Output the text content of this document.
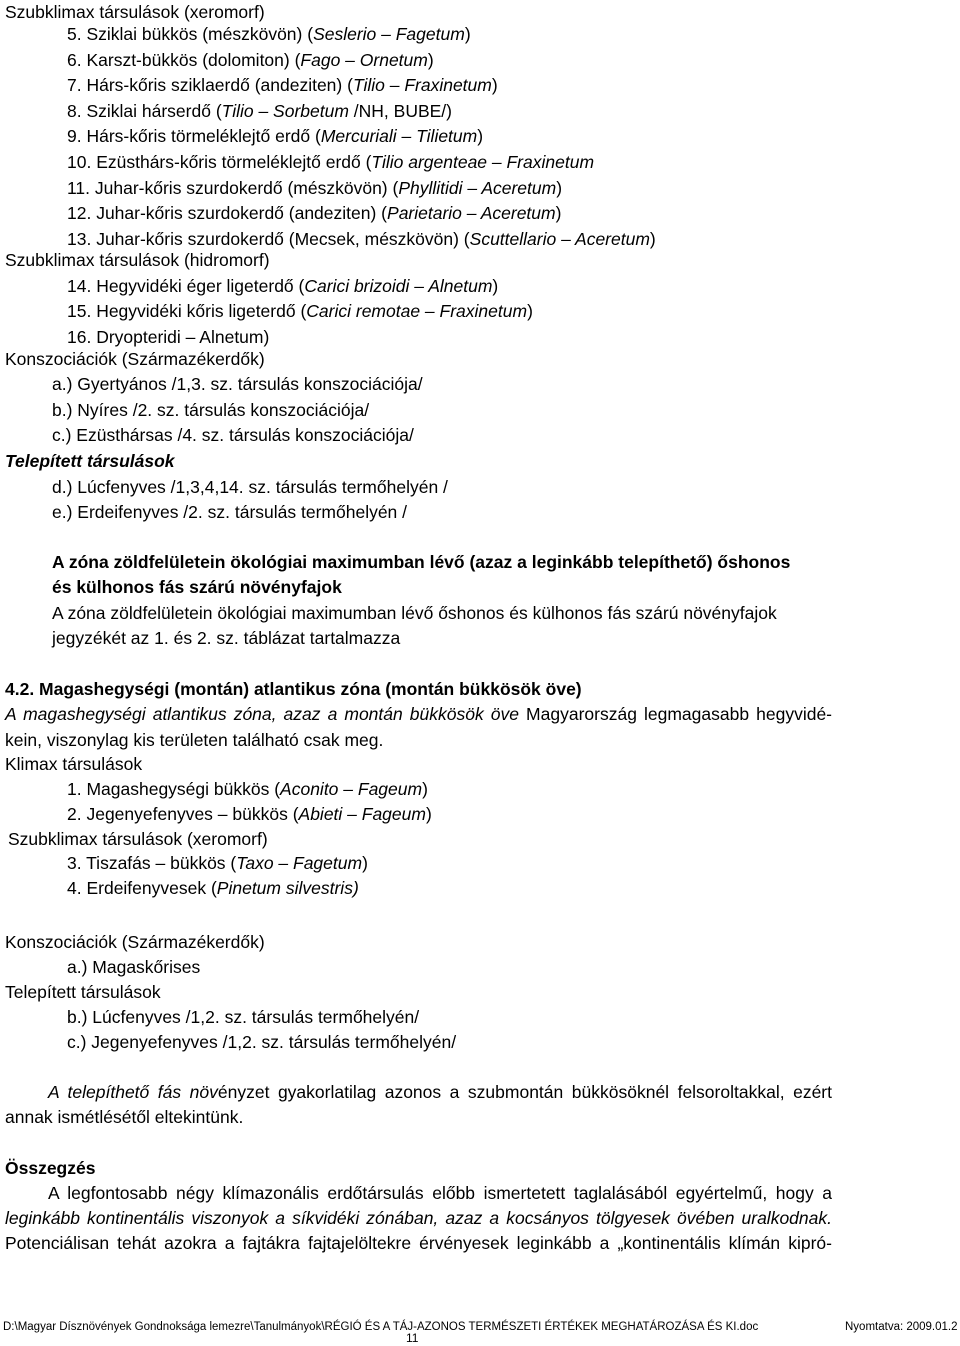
Szubklimax társulások (xeromorf)
5. Sziklai bükkös (mészkövön) (Seslerio – Fagetum)
6. Karszt-bükkös (dolomiton) (Fago – Ornetum)
7. Hárs-kőris sziklaerdő (andeziten) (Tilio – Fraxinetum)
8. Sziklai hárserdő (Tilio – Sorbetum /NH, BUBE/)
9. Hárs-kőris törmeléklejtő erdő (Mercuriali – Tilietum)
10. Ezüsthárs-kőris törmeléklejtő erdő (Tilio argenteae – Fraxinetum
11. Juhar-kőris szurdokerdő (mészkövön) (Phyllitidi – Aceretum)
12. Juhar-kőris szurdokerdő (andeziten) (Parietario – Aceretum)
13. Juhar-kőris szurdokerdő (Mecsek, mészkövön) (Scuttellario – Aceretum)
Szubklimax társulások (hidromorf)
14. Hegyvidéki éger ligeterdő (Carici brizoidi – Alnetum)
15. Hegyvidéki kőris ligeterdő (Carici remotae – Fraxinetum)
16. Dryopteridi – Alnetum)
Konszociációk (Származékerdők)
a.) Gyertyános /1,3. sz. társulás konszociációja/
b.) Nyíres /2. sz. társulás konszociációja/
c.) Ezüsthársas /4. sz. társulás konszociációja/
Telepített társulások
d.) Lúcfenyves /1,3,4,14. sz. társulás termőhelyén /
e.) Erdeifenyves /2. sz. társulás termőhelyén /
A zóna zöldfelületein ökológiai maximumban lévő (azaz a leginkább telepíthető) őshonos
és külhonos fás szárú növényfajok
A zóna zöldfelületein ökológiai maximumban lévő őshonos és külhonos fás szárú növényfajok
jegyzékét az 1. és 2. sz. táblázat tartalmazza
4.2. Magashegységi (montán) atlantikus zóna (montán bükkösök öve)
A magashegységi atlantikus zóna, azaz a montán bükkösök öve Magyarország legmagasabb hegyvidé-
kein, viszonylag kis területen található csak meg.
Klimax társulások
1. Magashegységi bükkös (Aconito – Fageum)
2. Jegenyefenyves – bükkös (Abieti – Fageum)
Szubklimax társulások (xeromorf)
3. Tiszafás – bükkös (Taxo – Fagetum)
4. Erdeifenyvesek (Pinetum silvestris)
Konszociációk (Származékerdők)
a.) Magaskőrises
Telepített társulások
b.) Lúcfenyves /1,2. sz. társulás termőhelyén/
c.) Jegenyefenyves /1,2. sz. társulás termőhelyén/
A telepíthető fás növényzet gyakorlatilag azonos a szubmontán bükkösöknél felsoroltakkal, ezért
annak ismétlésétől eltekintünk.
Összegzés
A legfontosabb négy klímazonális erdőtársulás előbb ismertetett taglalásából egyértelmű, hogy a
leginkább kontinentális viszonyok a síkvidéki zónában, azaz a kocsányos tölgyesek övében uralkodnak.
Potenciálisan tehát azokra a fajtákra fajtajelöltekre érvényesek leginkább a „kontinentális klímán kipró-
D:\Magyar Dísznövények Gondnoksága lemezre\Tanulmányok\RÉGIÓ ÉS A TÁJ-AZONOS TERMÉSZETI ÉRTÉKEK MEGHATÁROZÁSA ÉS KI.doc	Nyomtatva: 2009.01.2
11
